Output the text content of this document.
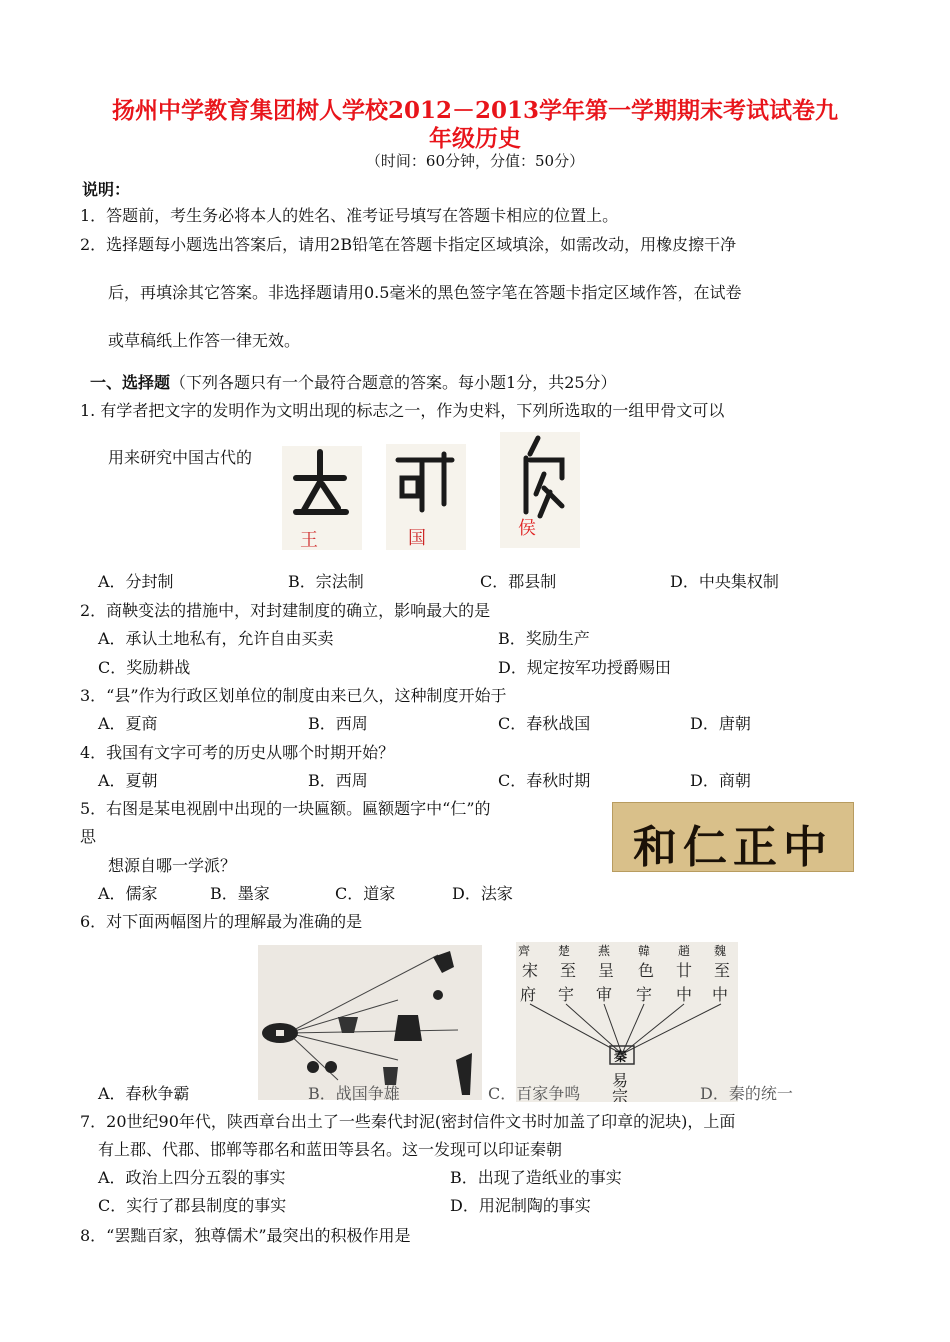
扬州中学教育集团树人学校2012－2013学年第一学期期末考试试卷九
年级历史
（时间：60分钟，分值：50分）
说明：
1．答题前，考生务必将本人的姓名、准考证号填写在答题卡相应的位置上。
2．选择题每小题选出答案后，请用2B铅笔在答题卡指定区域填涂，如需改动，用橡皮擦干净
后，再填涂其它答案。非选择题请用0.5毫米的黑色签字笔在答题卡指定区域作答，在试卷
或草稿纸上作答一律无效。
一、选择题（下列各题只有一个最符合题意的答案。每小题1分，共25分）
1. 有学者把文字的发明作为文明出现的标志之一，作为史料，下列所选取的一组甲骨文可以
用来研究中国古代的
王	国	侯
A．分封制	B．宗法制	C．郡县制	D．中央集权制
2．商鞅变法的措施中，对封建制度的确立，影响最大的是
A．承认土地私有，允许自由买卖	B．奖励生产
C．奖励耕战	D．规定按军功授爵赐田
3．“县”作为行政区划单位的制度由来已久，这种制度开始于
A．夏商	B．西周	C．春秋战国	D．唐朝
4．我国有文字可考的历史从哪个时期开始？
A．夏朝	B．西周	C．春秋时期	D．商朝
5．右图是某电视剧中出现的一块匾额。匾额题字中“仁”的
思
想源自哪一学派？	和仁正中
A．儒家	B．墨家	C．道家	D．法家
6．对下面两幅图片的理解最为准确的是
宋 至 呈 色 廿 至
府 宇 审 宇 中 中
易
宗
齊 楚 燕 韓 趙 魏
秦
A．春秋争霸	B．战国争雄	C．百家争鸣	D．秦的统一
7．20世纪90年代，陕西章台出土了一些秦代封泥(密封信件文书时加盖了印章的泥块)，上面
有上郡、代郡、邯郸等郡名和蓝田等县名。这一发现可以印证秦朝
A．政治上四分五裂的事实	B．出现了造纸业的事实
C．实行了郡县制度的事实	D．用泥制陶的事实
8．“罢黜百家，独尊儒术”最突出的积极作用是
